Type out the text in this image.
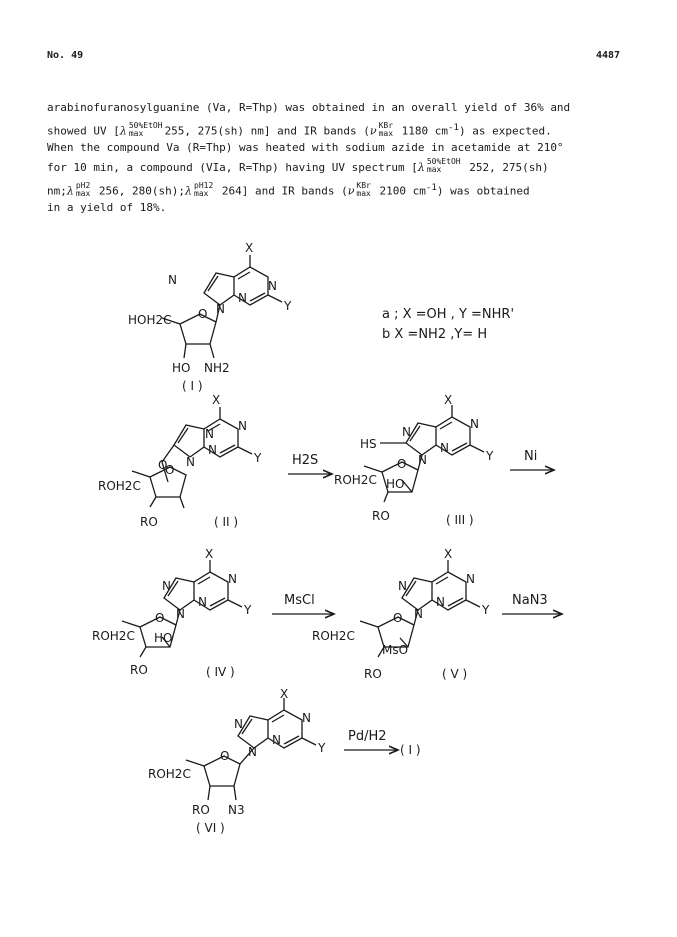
No. 49	4487
arabinofuranosylguanine (Va, R=Thp) was obtained in an overall yield of 36% and
showed UV [λ 50%EtOH
max	255, 275(sh) nm] and IR bands (ν KBr
max 1180 $cm^{-1}$) as expected.
When the compound Va (R=Thp) was heated with sodium azide in acetamide at 210°
for 10 min, a compound (VIa, R=Thp) having UV spectrum [λ 50%EtOH
max	252, 275(sh)
nm;λ pH2
max 256, 280(sh);λ pH12
max 264] and IR bands (ν KBr
max 2100 $cm^{-1}$) was obtained
in a yield of 18%.
N	N
N
N
X
Y
O
HOH2C
HO NH2
( I )
a ; X =OH , Y =NHR'
b X =NH2 ,Y= H
N
N
N
N
O
X
Y
O
ROH2C
RO	( II )
H2S
HS
N
N
N
N
X
Y
O
ROH2C HO
RO	( III )
Ni
N	N
N
N
X
Y
O
ROH2C HO
RO	( IV )
MsCl
N	N
N
N
X
Y
O
ROH2C
MsO
RO	( V )
NaN3
N	N
N
N
X
Y
O
ROH2C
RO N3
( VI )
Pd/H2
( I )
